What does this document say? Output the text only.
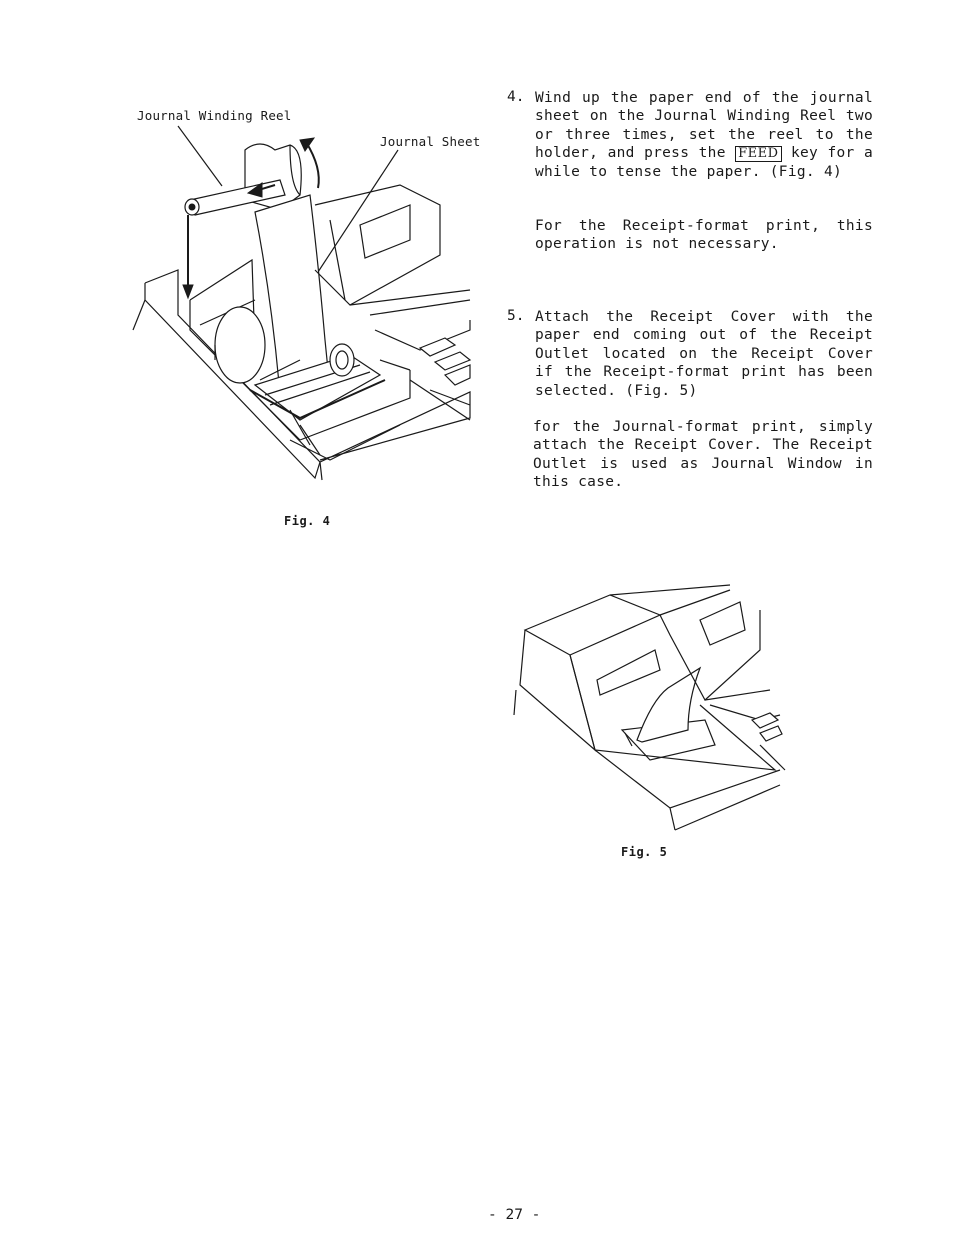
Journal Winding Reel
Journal Sheet
Fig. 4
4. Wind up the paper end of the journal sheet on the Journal Winding Reel two or three times, set the reel to the holder, and press the FEED key for a while to tense the paper. (Fig. 4)
For the Receipt-format print, this operation is not necessary.
5. Attach the Receipt Cover with the paper end coming out of the Receipt Outlet located on the Receipt Cover if the Receipt-format print has been selected. (Fig. 5)
for the Journal-format print, simply attach the Receipt Cover. The Receipt Outlet is used as Journal Window in this case.
Fig. 5
- 27 -
